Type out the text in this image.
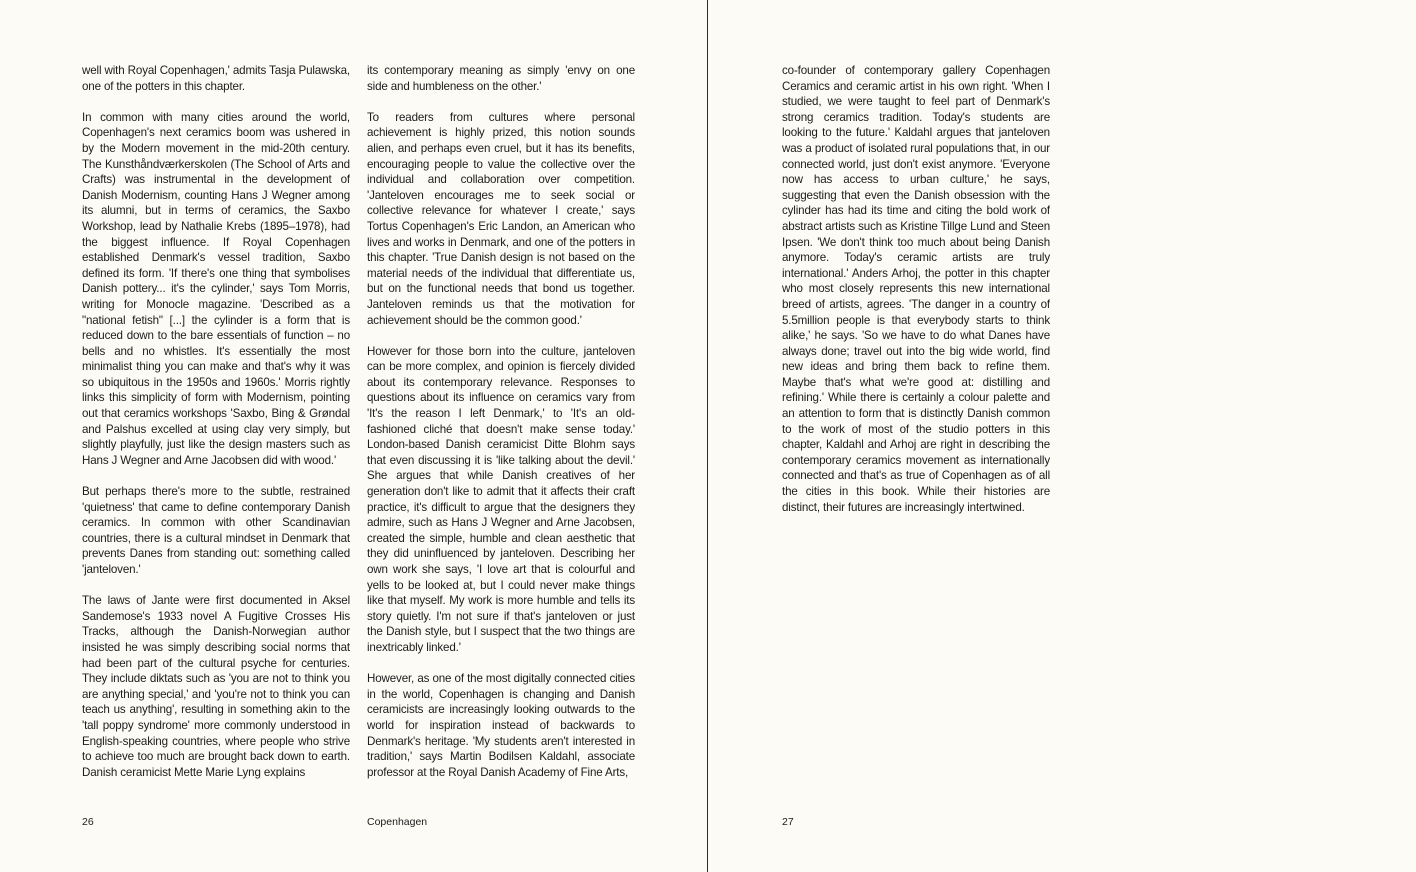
well with Royal Copenhagen,' admits Tasja Pulawska, one of the potters in this chapter.

In common with many cities around the world, Copenhagen's next ceramics boom was ushered in by the Modern movement in the mid-20th century. The Kunsthåndværkerskolen (The School of Arts and Crafts) was instrumental in the development of Danish Modernism, counting Hans J Wegner among its alumni, but in terms of ceramics, the Saxbo Workshop, lead by Nathalie Krebs (1895–1978), had the biggest influence. If Royal Copenhagen established Denmark's vessel tradition, Saxbo defined its form. 'If there's one thing that symbolises Danish pottery... it's the cylinder,' says Tom Morris, writing for Monocle magazine. 'Described as a "national fetish" [...] the cylinder is a form that is reduced down to the bare essentials of function – no bells and no whistles. It's essentially the most minimalist thing you can make and that's why it was so ubiquitous in the 1950s and 1960s.' Morris rightly links this simplicity of form with Modernism, pointing out that ceramics workshops 'Saxbo, Bing & Grøndal and Palshus excelled at using clay very simply, but slightly playfully, just like the design masters such as Hans J Wegner and Arne Jacobsen did with wood.'

But perhaps there's more to the subtle, restrained 'quietness' that came to define contemporary Danish ceramics. In common with other Scandinavian countries, there is a cultural mindset in Denmark that prevents Danes from standing out: something called 'janteloven.'

The laws of Jante were first documented in Aksel Sandemose's 1933 novel A Fugitive Crosses His Tracks, although the Danish-Norwegian author insisted he was simply describing social norms that had been part of the cultural psyche for centuries. They include diktats such as 'you are not to think you are anything special,' and 'you're not to think you can teach us anything', resulting in something akin to the 'tall poppy syndrome' more commonly understood in English-speaking countries, where people who strive to achieve too much are brought back down to earth. Danish ceramicist Mette Marie Lyng explains

its contemporary meaning as simply 'envy on one side and humbleness on the other.'

To readers from cultures where personal achievement is highly prized, this notion sounds alien, and perhaps even cruel, but it has its benefits, encouraging people to value the collective over the individual and collaboration over competition. 'Janteloven encourages me to seek social or collective relevance for whatever I create,' says Tortus Copenhagen's Eric Landon, an American who lives and works in Denmark, and one of the potters in this chapter. 'True Danish design is not based on the material needs of the individual that differentiate us, but on the functional needs that bond us together. Janteloven reminds us that the motivation for achievement should be the common good.'

However for those born into the culture, janteloven can be more complex, and opinion is fiercely divided about its contemporary relevance. Responses to questions about its influence on ceramics vary from 'It's the reason I left Denmark,' to 'It's an old-fashioned cliché that doesn't make sense today.' London-based Danish ceramicist Ditte Blohm says that even discussing it is 'like talking about the devil.' She argues that while Danish creatives of her generation don't like to admit that it affects their craft practice, it's difficult to argue that the designers they admire, such as Hans J Wegner and Arne Jacobsen, created the simple, humble and clean aesthetic that they did uninfluenced by janteloven. Describing her own work she says, 'I love art that is colourful and yells to be looked at, but I could never make things like that myself. My work is more humble and tells its story quietly. I'm not sure if that's janteloven or just the Danish style, but I suspect that the two things are inextricably linked.'

However, as one of the most digitally connected cities in the world, Copenhagen is changing and Danish ceramicists are increasingly looking outwards to the world for inspiration instead of backwards to Denmark's heritage. 'My students aren't interested in tradition,' says Martin Bodilsen Kaldahl, associate professor at the Royal Danish Academy of Fine Arts,

co-founder of contemporary gallery Copenhagen Ceramics and ceramic artist in his own right. 'When I studied, we were taught to feel part of Denmark's strong ceramics tradition. Today's students are looking to the future.' Kaldahl argues that janteloven was a product of isolated rural populations that, in our connected world, just don't exist anymore. 'Everyone now has access to urban culture,' he says, suggesting that even the Danish obsession with the cylinder has had its time and citing the bold work of abstract artists such as Kristine Tillge Lund and Steen Ipsen. 'We don't think too much about being Danish anymore. Today's ceramic artists are truly international.' Anders Arhoj, the potter in this chapter who most closely represents this new international breed of artists, agrees. 'The danger in a country of 5.5million people is that everybody starts to think alike,' he says. 'So we have to do what Danes have always done; travel out into the big wide world, find new ideas and bring them back to refine them. Maybe that's what we're good at: distilling and refining.' While there is certainly a colour palette and an attention to form that is distinctly Danish common to the work of most of the studio potters in this chapter, Kaldahl and Arhoj are right in describing the contemporary ceramics movement as internationally connected and that's as true of Copenhagen as of all the cities in this book. While their histories are distinct, their futures are increasingly intertwined.

26	Copenhagen	27
